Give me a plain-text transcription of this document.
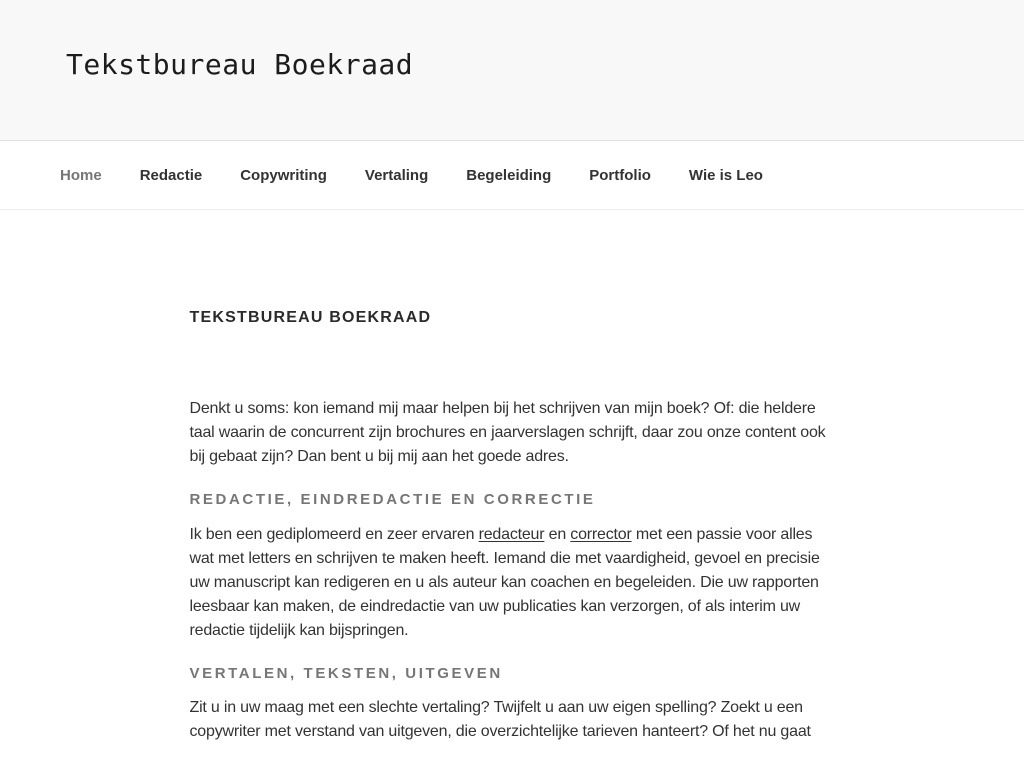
Tekstbureau Boekraad
Home	Redactie	Copywriting	Vertaling	Begeleiding	Portfolio	Wie is Leo
TEKSTBUREAU BOEKRAAD

Denkt u soms: kon iemand mij maar helpen bij het schrijven van mijn boek? Of: die heldere taal waarin de concurrent zijn brochures en jaarverslagen schrijft, daar zou onze content ook bij gebaat zijn? Dan bent u bij mij aan het goede adres.

REDACTIE, EINDREDACTIE EN CORRECTIE

Ik ben een gediplomeerd en zeer ervaren redacteur en corrector met een passie voor alles wat met letters en schrijven te maken heeft. Iemand die met vaardigheid, gevoel en precisie uw manuscript kan redigeren en u als auteur kan coachen en begeleiden. Die uw rapporten leesbaar kan maken, de eindredactie van uw publicaties kan verzorgen, of als interim uw redactie tijdelijk kan bijspringen.

VERTALEN, TEKSTEN, UITGEVEN

Zit u in uw maag met een slechte vertaling? Twijfelt u aan uw eigen spelling? Zoekt u een copywriter met verstand van uitgeven, die overzichtelijke tarieven hanteert? Of het nu gaat
